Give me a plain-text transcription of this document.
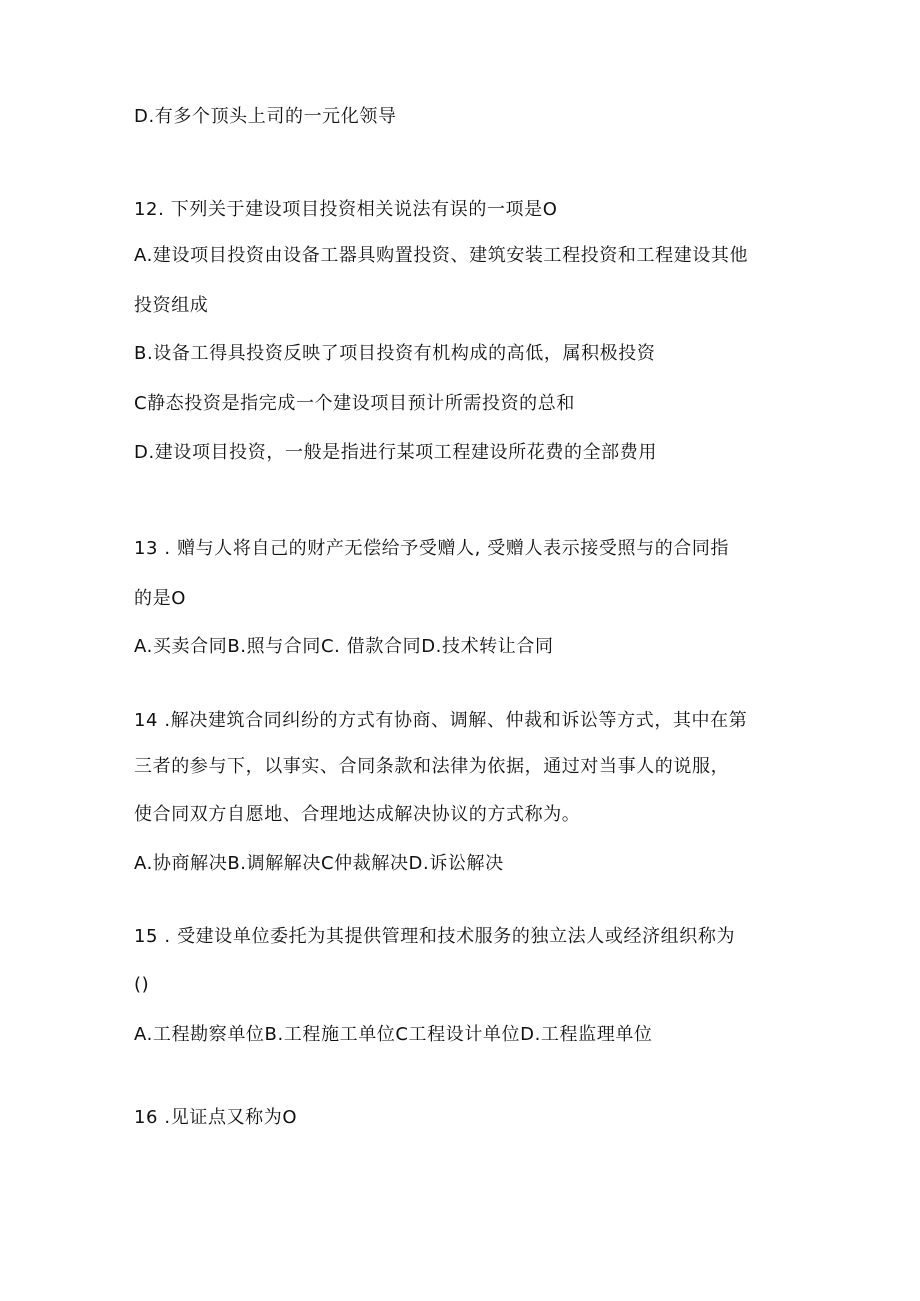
D.有多个顶头上司的一元化领导
12. 下列关于建设项目投资相关说法有误的一项是O
A.建设项目投资由设备工器具购置投资、建筑安装工程投资和工程建设其他
投资组成
B.设备工得具投资反映了项目投资有机构成的高低，属积极投资
C静态投资是指完成一个建设项目预计所需投资的总和
D.建设项目投资，一般是指进行某项工程建设所花费的全部费用
13 . 赠与人将自己的财产无偿给予受赠人, 受赠人表示接受照与的合同指
的是O
A.买卖合同B.照与合同C. 借款合同D.技术转让合同
14 .解决建筑合同纠纷的方式有协商、调解、仲裁和诉讼等方式，其中在第
三者的参与下，以事实、合同条款和法律为依据，通过对当事人的说服，
使合同双方自愿地、合理地达成解决协议的方式称为。
A.协商解决B.调解解决C仲裁解决D.诉讼解决
15 . 受建设单位委托为其提供管理和技术服务的独立法人或经济组织称为
()
A.工程勘察单位B.工程施工单位C工程设计单位D.工程监理单位
16 .见证点又称为O
